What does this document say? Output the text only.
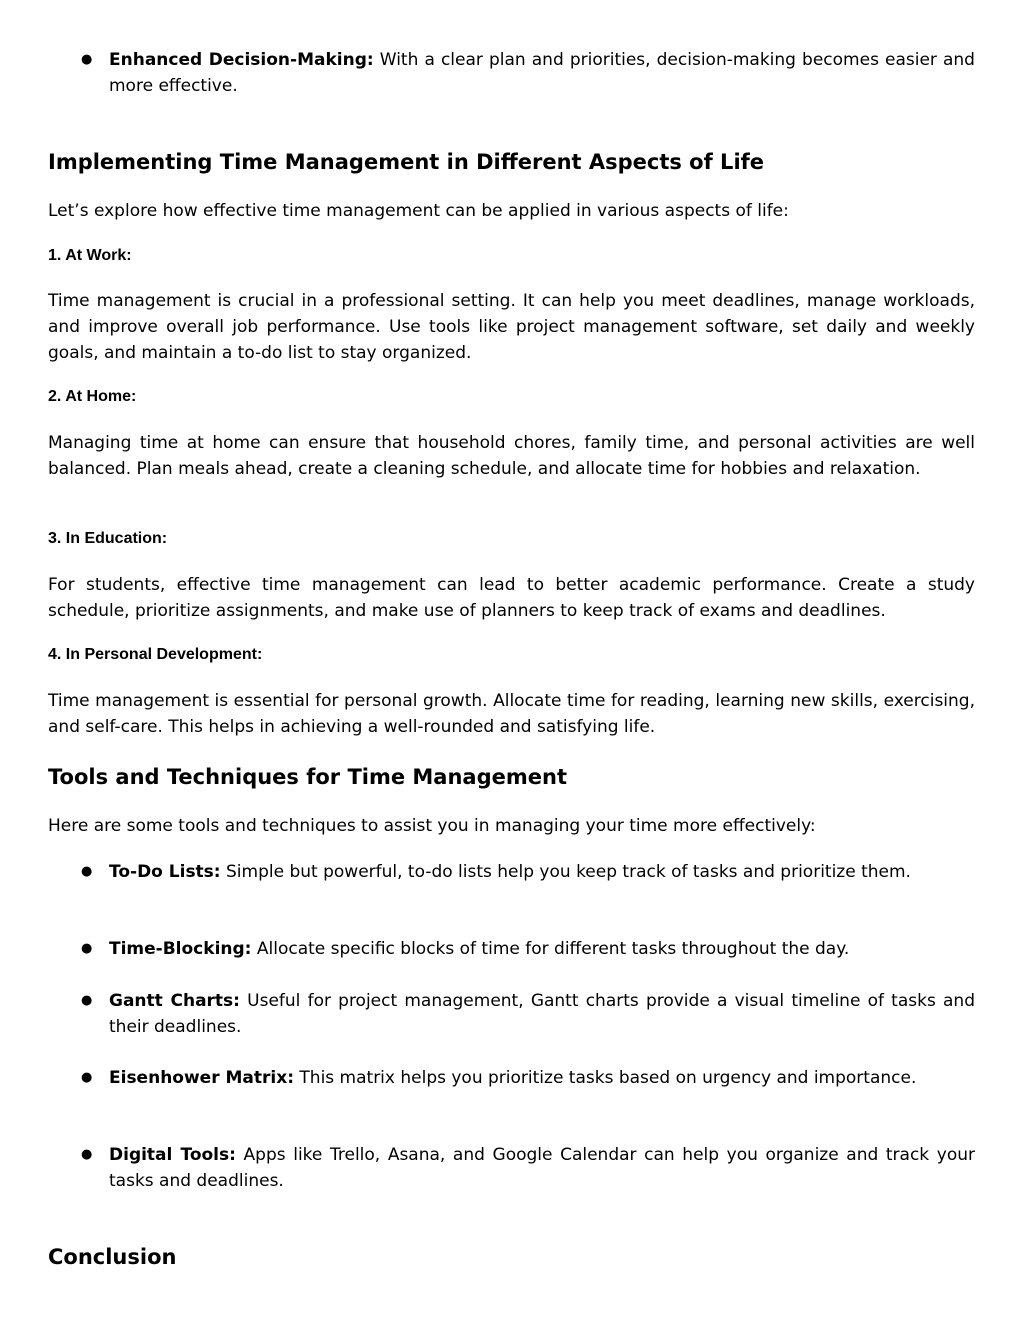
● Enhanced Decision-Making: With a clear plan and priorities, decision-making becomes easier and more effective.
Implementing Time Management in Different Aspects of Life

Let’s explore how effective time management can be applied in various aspects of life:

1. At Work:

Time management is crucial in a professional setting. It can help you meet deadlines, manage workloads, and improve overall job performance. Use tools like project management software, set daily and weekly goals, and maintain a to-do list to stay organized.

2. At Home:

Managing time at home can ensure that household chores, family time, and personal activities are well balanced. Plan meals ahead, create a cleaning schedule, and allocate time for hobbies and relaxation.

3. In Education:

For students, effective time management can lead to better academic performance. Create a study schedule, prioritize assignments, and make use of planners to keep track of exams and deadlines.

4. In Personal Development:

Time management is essential for personal growth. Allocate time for reading, learning new skills, exercising, and self-care. This helps in achieving a well-rounded and satisfying life.

Tools and Techniques for Time Management

Here are some tools and techniques to assist you in managing your time more effectively:

● To-Do Lists: Simple but powerful, to-do lists help you keep track of tasks and prioritize them.
● Time-Blocking: Allocate specific blocks of time for different tasks throughout the day.
● Gantt Charts: Useful for project management, Gantt charts provide a visual timeline of tasks and their deadlines.
● Eisenhower Matrix: This matrix helps you prioritize tasks based on urgency and importance.
● Digital Tools: Apps like Trello, Asana, and Google Calendar can help you organize and track your tasks and deadlines.
Conclusion
